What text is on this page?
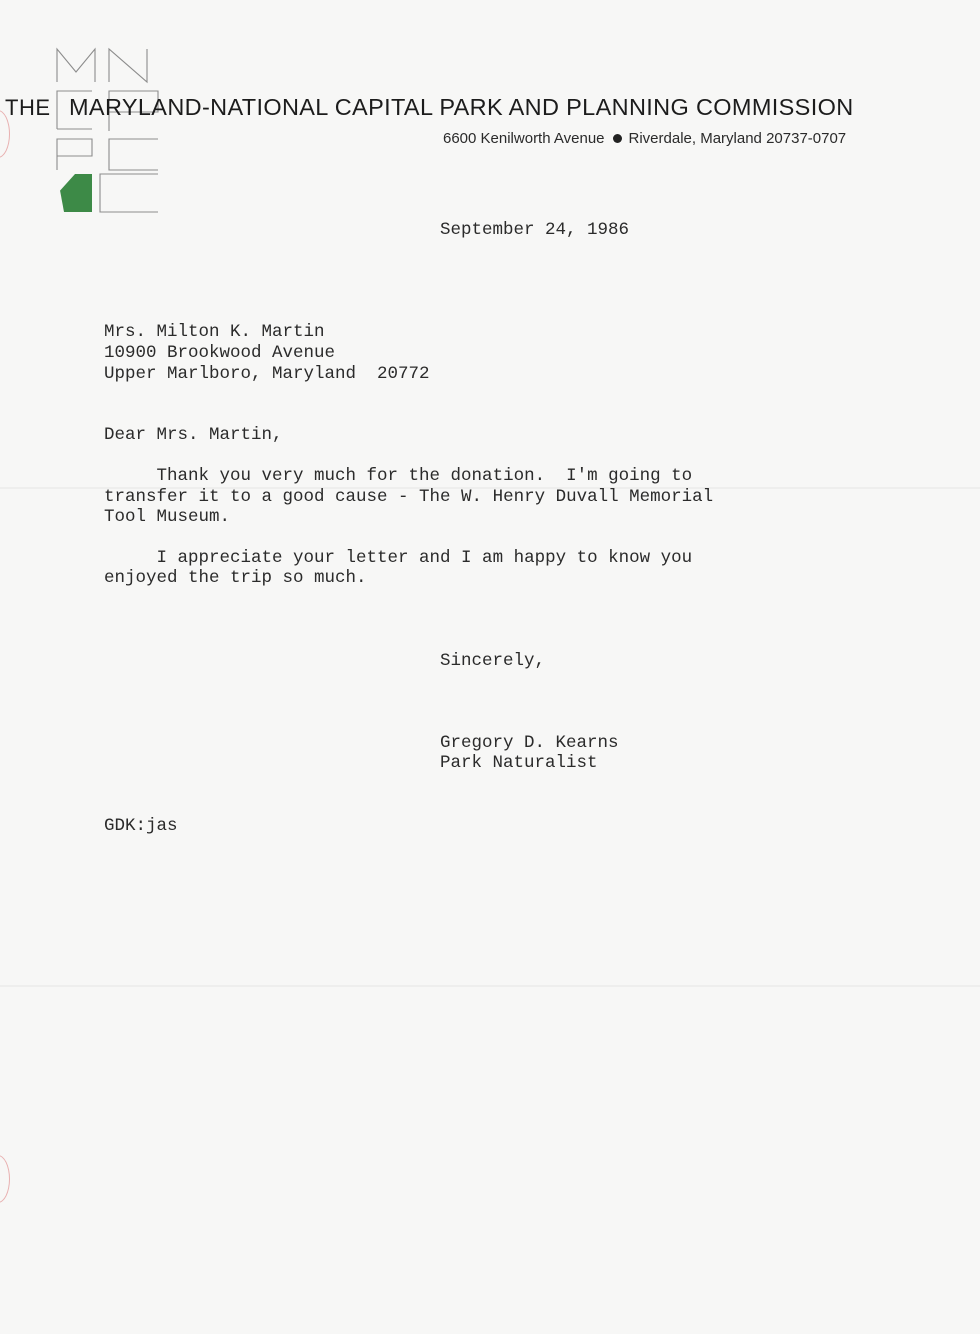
THE MARYLAND-NATIONAL CAPITAL PARK AND PLANNING COMMISSION
6600 Kenilworth Avenue Riverdale, Maryland 20737-0707
September 24, 1986
Mrs. Milton K. Martin
10900 Brookwood Avenue
Upper Marlboro, Maryland  20772
Dear Mrs. Martin,
Thank you very much for the donation.  I'm going to
transfer it to a good cause - The W. Henry Duvall Memorial
Tool Museum.
I appreciate your letter and I am happy to know you
enjoyed the trip so much.
Sincerely,
Gregory D. Kearns
Park Naturalist
GDK:jas
